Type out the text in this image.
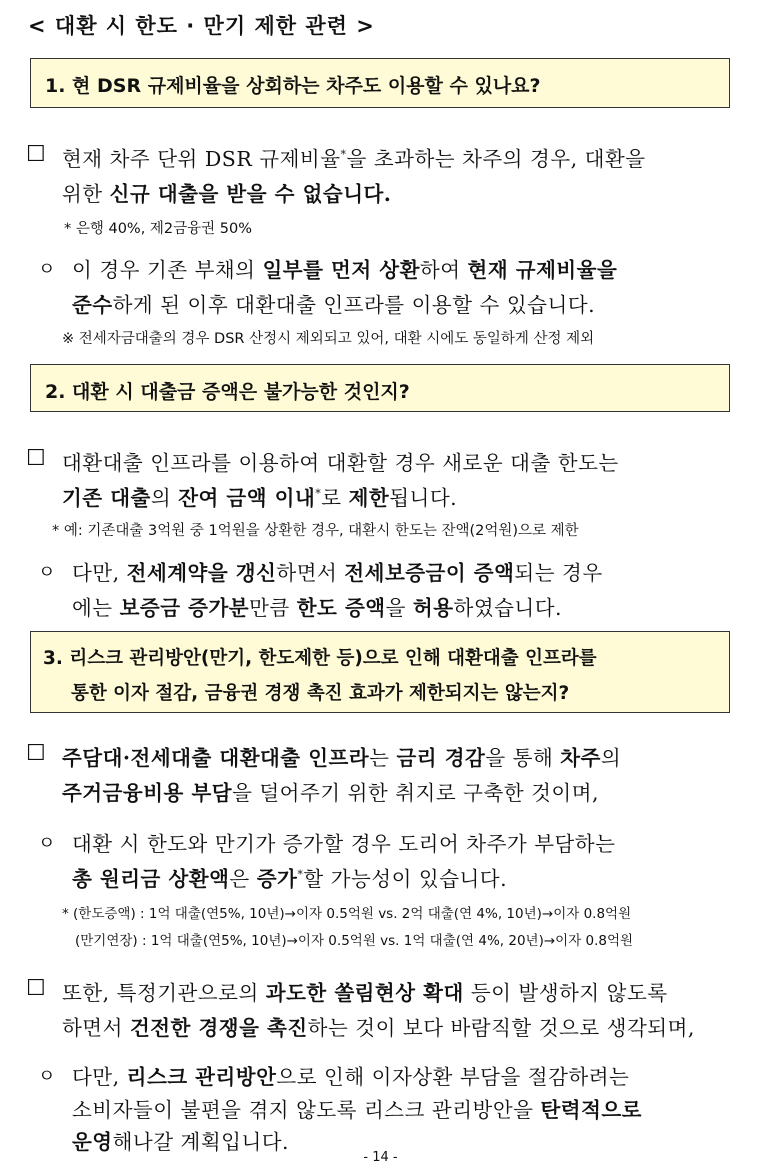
< 대환 시 한도 · 만기 제한 관련 >
1. 현 DSR 규제비율을 상회하는 차주도 이용할 수 있나요?
☐ 현재 차주 단위 DSR 규제비율*을 초과하는 차주의 경우, 대환을
위한 신규 대출을 받을 수 없습니다.
* 은행 40%, 제2금융권 50%
ㅇ 이 경우 기존 부채의 일부를 먼저 상환하여 현재 규제비율을
준수하게 된 이후 대환대출 인프라를 이용할 수 있습니다.
※ 전세자금대출의 경우 DSR 산정시 제외되고 있어, 대환 시에도 동일하게 산정 제외
2. 대환 시 대출금 증액은 불가능한 것인지?
☐ 대환대출 인프라를 이용하여 대환할 경우 새로운 대출 한도는
기존 대출의 잔여 금액 이내*로 제한됩니다.
* 예: 기존대출 3억원 중 1억원을 상환한 경우, 대환시 한도는 잔액(2억원)으로 제한
ㅇ 다만, 전세계약을 갱신하면서 전세보증금이 증액되는 경우
에는 보증금 증가분만큼 한도 증액을 허용하였습니다.
3. 리스크 관리방안(만기, 한도제한 등)으로 인해 대환대출 인프라를
통한 이자 절감, 금융권 경쟁 촉진 효과가 제한되지는 않는지?
☐ 주담대·전세대출 대환대출 인프라는 금리 경감을 통해 차주의
주거금융비용 부담을 덜어주기 위한 취지로 구축한 것이며,
ㅇ 대환 시 한도와 만기가 증가할 경우 도리어 차주가 부담하는
총 원리금 상환액은 증가*할 가능성이 있습니다.
* (한도증액) : 1억 대출(연5%, 10년)→이자 0.5억원 vs. 2억 대출(연 4%, 10년)→이자 0.8억원
(만기연장) : 1억 대출(연5%, 10년)→이자 0.5억원 vs. 1억 대출(연 4%, 20년)→이자 0.8억원
☐ 또한, 특정기관으로의 과도한 쏠림현상 확대 등이 발생하지 않도록
하면서 건전한 경쟁을 촉진하는 것이 보다 바람직할 것으로 생각되며,
ㅇ 다만, 리스크 관리방안으로 인해 이자상환 부담을 절감하려는
소비자들이 불편을 겪지 않도록 리스크 관리방안을 탄력적으로
운영해나갈 계획입니다.
- 14 -
